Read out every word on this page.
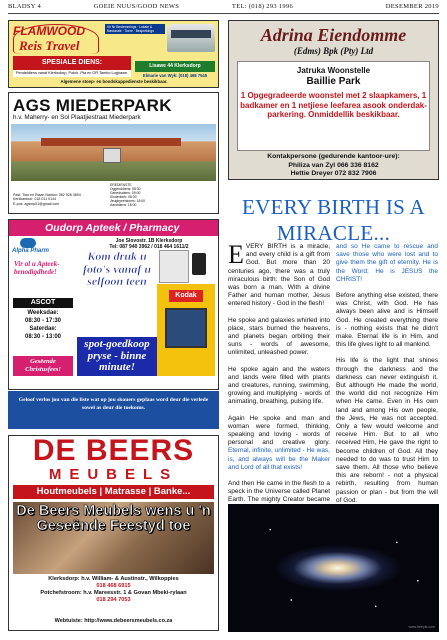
BLADSY 4	GOEIE NUUS/GOOD NEWS	TEL: (018) 293 1996	DESEMBER 2019
FLAMWOOD
Reis Travel
Vir Nr Bestemmings · Lokale & Nasionale · Toere · Besprekings
SPESIALE DIENS:
Pendeldiens vanaf Klerksdorp, Potch. Pta en OR Tambo Lughawe.
Lisawe 44 Klerksdorp
Elmarie van Wyk: (018) 468 7545
Algemene stoep- en boodskappedienste beskikbaar.
AGS MIEDERPARK
h.v. Maherry- en Sol Plaatjiestraat Miederpark
Past. Tian en Riaan Naidoo: 082 928 3894
Kerkkantoor: 018 011 0144
E-pos: agsmp01@gmail.com
EREDIENSTE
Oggenddiens: 08:30
Gebedsdiens: 09:00
Kinderkerk: 08:30
Jeugbyeenkoms: 18:00
Aanddiens: 18:00
Oudorp Apteek / Pharmacy
Alpha Pharm
Joe Slovostr. 1B Klerksdorp
Tel: 087 940 3962 / 018 464 1611/2
Vir al u Apteek-benodigdhede!
ASCOT
Weeksdae:
08:30 - 17:30
Saterdae:
08:30 - 13:00
Gesëende Christusfees!
Kom druk u foto's vanaf u selfoon teen
spot-goedkoop pryse - binne minute!
Kodak
Geloof verlos jou van die liste wat op jou skouers geplaas word deur die verlede sowel as deur die toekoms.
DE BEERS
MEUBELS
Houtmeubels | Matrasse | Banke...
De Beers Meubels wens u 'n Geseënde Feestyd toe
Klerksdorp: h.v. William- & Austinstr., Wilkoppies
018 468 6915
Potchefstroom: h.v. Mareesstr. 1 & Govan Mbeki-rylaan
018 294 7053
Webtuiste: http://www.debeersmeubels.co.za
Adrina Eiendomme
(Edms) Bpk (Pty) Ltd
Jatruka Woonstelle
Baillie Park
1 Opgegradeerde woonstel met 2 slaapkamers, 1 badkamer en 1 netjiese leefarea asook onderdak-parkering. Onmiddellik beskikbaar.
Kontakpersone (gedurende kantoor-ure):
Philiza van Zyl 066 336 8162
Hettie Dreyer 072 832 7906
EVERY BIRTH IS A MIRACLE...

EVERY BIRTH is a miracle, and every child is a gift from God. But more than 20 centuries ago, there was a truly miraculous birth: the Son of God was born a man. With a divine Father and human mother, Jesus entered history - God in the flesh!

He spoke and galaxies whirled into place, stars burned the heavens, and planets began orbiting their suns - words of awesome, unlimited, unleashed power.

He spoke again and the waters and lands were filled with plants and creatures, running, swimming, growing and multiplying - words of animating, breathing, pulsing life.

Again He spoke and man and woman were formed, thinking, speaking and loving - words of personal and creative glory. Eternal, infinite, unlimited - He was, is, and always will be the Maker and Lord of all that exists!

And then He came in the flesh to a speck in the Universe called Planet Earth. The mighty Creator became

and so He came to rescue and save those who were lost and to give them the gift of eternity. He is the Word; He is JESUS the CHRIST!

Before anything else existed, there was Christ, with God. He has always been alive and is Himself God. He created everything there is - nothing exists that he didn't make. Eternal life is in Him, and this life gives light to all mankind.

His life is the light that shines through the darkness and the darkness can never extinguish it. But although He made the world, the world did not recognize Him when He came. Even in His own land and among His own people, the Jews, He was not accepted. Only a few would welcome and receive Him. But to all who received Him, He gave the right to become children of God. All they needed to do was to trust Him to save them. All those who believe this are reborn! - not a physical rebirth, resulting from human passion or plan - but from the will of God.

www.freepik.com
